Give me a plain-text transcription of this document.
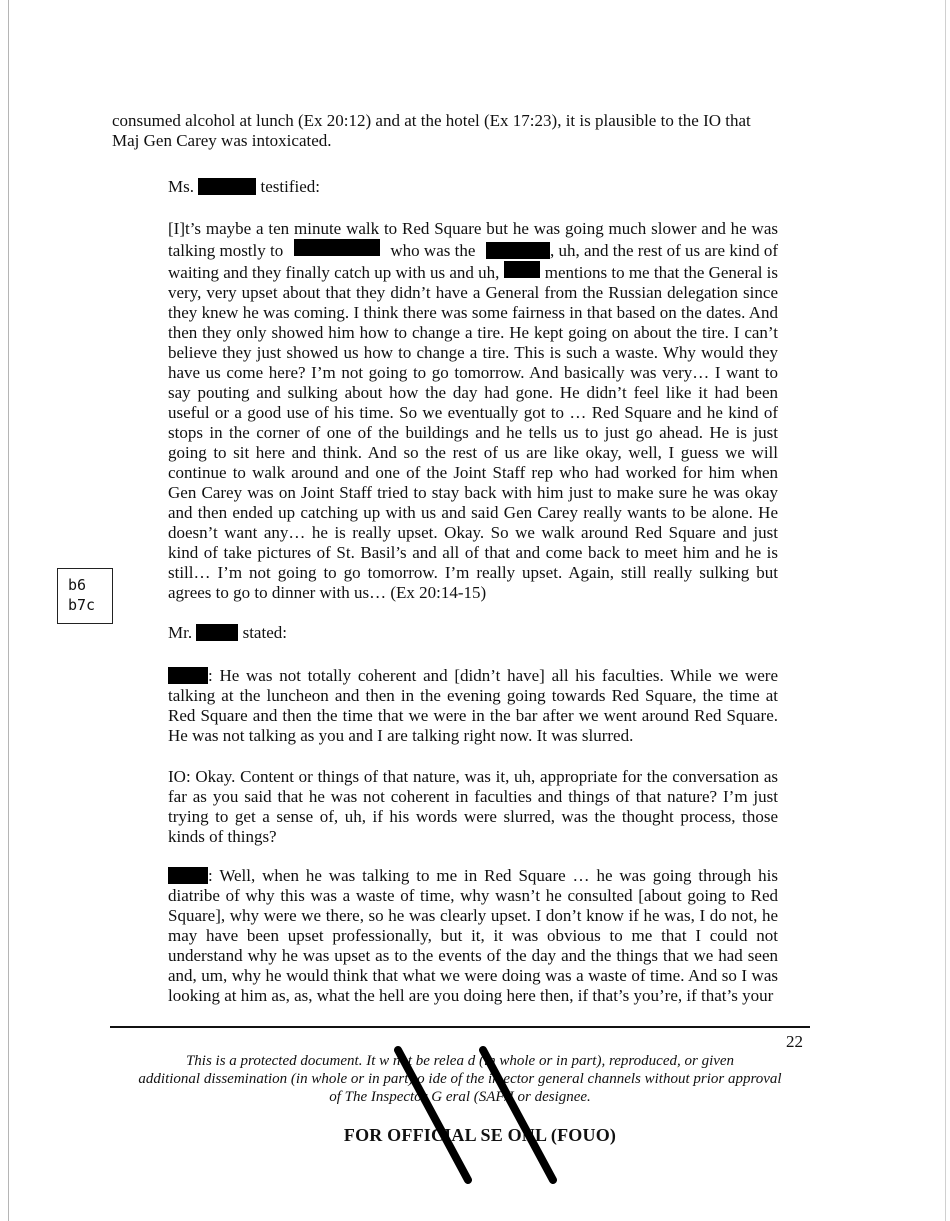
consumed alcohol at lunch (Ex 20:12) and at the hotel (Ex 17:23), it is plausible to the IO that
Maj Gen Carey was intoxicated.
Ms.	testified:
[I]t’s maybe a ten minute walk to Red Square but he was going much slower and he was
talking mostly to	who was the	, uh, and the rest of us are kind of
waiting and they finally catch up with us and uh,	mentions to me that the General is
very, very upset about that they didn’t have a General from the Russian delegation since they knew he was coming. I think there was some fairness in that based on the dates. And then they only showed him how to change a tire. He kept going on about the tire. I can’t believe they just showed us how to change a tire. This is such a waste. Why would they have us come here? I’m not going to go tomorrow. And basically was very… I want to say pouting and sulking about how the day had gone. He didn’t feel like it had been useful or a good use of his time. So we eventually got to … Red Square and he kind of stops in the corner of one of the buildings and he tells us to just go ahead. He is just going to sit here and think. And so the rest of us are like okay, well, I guess we will continue to walk around and one of the Joint Staff rep who had worked for him when Gen Carey was on Joint Staff tried to stay back with him just to make sure he was okay and then ended up catching up with us and said Gen Carey really wants to be alone. He doesn’t want any… he is really upset. Okay. So we walk around Red Square and just kind of take pictures of St. Basil’s and all of that and come back to meet him and he is still… I’m not going to go tomorrow. I’m really upset. Again, still really sulking but agrees to go to dinner with us… (Ex 20:14-15)
b6
b7c
Mr.	stated:
: He was not totally coherent and [didn’t have] all his faculties. While we were talking at the luncheon and then in the evening going towards Red Square, the time at Red Square and then the time that we were in the bar after we went around Red Square. He was not talking as you and I are talking right now. It was slurred.
IO: Okay. Content or things of that nature, was it, uh, appropriate for the conversation as far as you said that he was not coherent in faculties and things of that nature? I’m just trying to get a sense of, uh, if his words were slurred, was the thought process, those kinds of things?
: Well, when he was talking to me in Red Square … he was going through his diatribe of why this was a waste of time, why wasn’t he consulted [about going to Red Square], why were we there, so he was clearly upset. I don’t know if he was, I do not, he may have been upset professionally, but it, it was obvious to me that I could not understand why he was upset as to the events of the day and the things that we had seen and, um, why he would think that what we were doing was a waste of time. And so I was looking at him as, as, what the hell are you doing here then, if that’s you’re, if that’s your
22
This is a protected document. It w not be relea d (in whole or in part), reproduced, or given
additional dissemination (in whole or in part) o ide of the in ector general channels without prior approval
of The Inspector G eral (SAF/I or designee.
FOR OFFICIAL SE ONL (FOUO)
